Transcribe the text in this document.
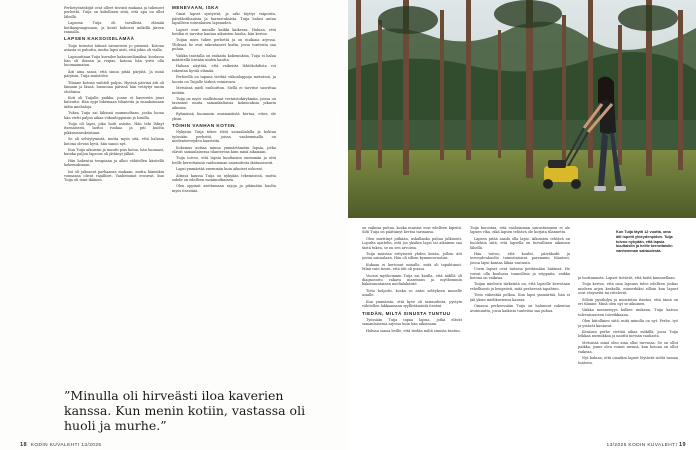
Perhetyöntekijät ovat olleet tiiviisti mukana ja tukeneet perhettä. Tuija on kiitollinen siitä, että apu on ollut lähellä.

Lapsena Tuija eli tavallista elämää kotikaupungissaan, ja kesät kuluivat mökillä järven rannalla.

LAPSEN KAKSOISELÄMÄÄ

Tuija tutustui äitinsä sairauteen jo pienenä. Kotona asiasta ei puhuttu, mutta lapsi aisti, että jokin oli vialla.

Lapsuuttaan Tuija kuvailee kaksoiselämäksi: koulussa hän oli iloinen ja reipas, kotona hän yritti olla huomaamaton.

Äiti aina sanoi, että sinun pitää pärjätä. Ja minä pärjäsin, Tuija muistelee.

Tilanne kotona vaihteli paljon. Hyvinä päivinä äiti oli lämmin ja läsnä, huonoina päivinä hän vetäytyi omiin oloihinsa.

Koti oli Tuijalle paikka, jonne ei kavereita juuri kutsuttu. Hän oppi lukemaan tilanteita ja ennakoimaan äidin mielialoja.

Tukea Tuija sai lähinnä mummoltaan, jonka luona hän vietti paljon aikaa viikonloppuisin ja lomilla.

Tuija oli lapsi, joka hoiti asioita. Hän teki läksyt itsenäisesti, laittoi ruokaa ja piti huolta pikkusisaruksistaan.

Se oli selviytymistä, mutta myös sitä, että halusin kotona olevan hyvä, hän sanoo nyt.

Kun Tuija aikuistui ja muutti pois kotoa, hän huomasi, kuinka paljon lapsuus oli jättänyt jälkiä.

Hän hakeutui terapiaan ja alkoi vähitellen käsitellä kokemuksiaan.

Isä oli jaksanut parhaansa mukaan, mutta hänenkin voimansa olivat rajalliset. Vanhemmat erosivat, kun Tuija oli teini-ikäinen.

MENEVÄAN, ISKÄ

Omat lapset syntyivät, ja arki täyttyi vaipoista, päiväkotihauista ja harrastuksista. Tuija halusi antaa lapsilleen toisenlaisen lapsuuden.

Lapset ovat minulle kaikki kaikessa. Haluan, että heidän ei tarvitse kantaa aikuisten huolia, hän kertoo.

Tuijan mies tukee perhettä ja on mukana arjessa. Yhdessä he ovat rakentaneet kodin, jossa tunteista saa puhua.

Vaikka taustalla on raskaita kokemuksia, Tuija ei halua määritellä itseään niiden kautta.

Haluan näyttää, että vaikeista lähtökohdista voi rakentaa hyvää elämää.

Perheellä on tapana viettää viikonloppuja metsässä, ja luonto on Tuijalle tärkeä voimavara.

Metsässä mieli rauhoittuu. Siellä ei tarvitse suorittaa mitään.

Tuija on myös osallistunut vertaistukiryhmiin, joissa on tavannut muita samankaltaisia kokemuksia jakavia aikuisia.

Ryhmässä huomasin ensimmäistä kertaa, etten ole yksin.

TÖIHIN VANHAN KOTIIN

Nykyisin Tuija tekee töitä sosiaalialalla ja kohtaa työssään perheitä, joissa vanhemmalla on mielenterveyden haasteita.

Kokemus auttaa minua ymmärtämään lapsia, jotka elävät samanlaisessa tilanteessa kuin minä aikanaan.

Tuija toivoo, että lapsia kuultaisiin enemmän ja että heille kerrottaisiin vanhemman sairaudesta ikätasoisesti.

Lapsi ymmärtää enemmän kuin aikuiset uskovat.

Äitinsä kanssa Tuija on nykyään tekemisissä, mutta suhde on edelleen monimutkainen.

Olen oppinut asettamaan rajoja ja pitämään huolta myös itsestäni.

”Minulla oli hirveästi iloa kaverien kanssa. Kun menin kotiin, vastassa oli huoli ja murhe.”
18 KODIN KUVALEHTI 13/2025
Kun Tuija täytti 12 vuotta, oma äiti lopetti yhteydenpidon. Tuija toivoo nykyään, että lapsia kuultaisiin ja heille kerrottaisiin vanhemman sairaudesta.

on vaikeaa puhua, koska muistot ovat edelleen kipeitä. Silti Tuija on päättänyt kertoa tarinansa.

Olen miettinyt pitkään, uskallanko puhua julkisesti. Lopulta ajattelin, että jos yksikin lapsi tai aikuinen saa tästä tukea, se on sen arvoista.

Tuija muistaa erityisesti yhden kesän, jolloin äiti joutui sairaalaan. Hän oli silloin kymmenvuotias.

Kukaan ei kertonut minulle, mitä oli tapahtunut. Minä vain tiesin, että äiti oli poissa.

Vuosia myöhemmin Tuija sai kuulla, että äidillä oli diagnosoitu vakava masennus ja myöhemmin kaksisuuntainen mielialahäiriö.

Tieto helpotti, koska se antoi selityksen monelle asialle.

Kun ymmärsin, että kyse oli sairaudesta, pystyin vähitellen lakkaamaan syyllistämästä itseäni.

TIEDÄN, MILTÄ SINUSTA TUNTUU

Työssään Tuija tapaa lapsia, jotka elävät samanlaisessa arjessa kuin hän aikoinaan.

Haluan sanoa heille, että tiedän miltä sinusta tuntuu.

Tuija korostaa, että vanhemman sairastuminen ei ole lapsen vika, eikä lapsen tehtävä ole korjata tilannetta.

Lapsen pitää saada olla lapsi. Aikuisten tehtävä on huolehtia siitä, että lapsella on turvallinen aikuinen lähellä.

Hän toivoo, että koulut, päiväkodit ja terveydenhuolto tunnistaisivat paremmin tilanteet, joissa lapsi kantaa liikaa vastuuta.

Usein lapset ovat taitavia peittämään hätänsä. He voivat olla koulussa tunnollisia ja reippaita, vaikka kotona on vaikeaa.

Tuijan mielestä tärkeintä on, että lapselle kerrotaan rehellisesti ja lempeästi, mitä perheessä tapahtuu.

Tieto vähentää pelkoa. Kun lapsi ymmärtää, hän ei jää yksin mielikuviensa kanssa.

Omassa perheessään Tuija on halunnut rakentaa avoimuutta, jossa kaikista tunteista saa puhua.

ja luottamusta. Lapset tietävät, että heitä kuunnellaan.

Tuija kertoo, että oma lapsuus tulee edelleen joskus mieleen arjen keskellä, esimerkiksi silloin kun lapset ovat väsyneitä tai riitelevät.

Silloin pysähdyn ja muistutan itseäni, että tämä on eri tilanne. Minä olen nyt se aikuinen.

Vaikka menneisyys kulkee mukana, Tuija katsoo tulevaisuuteen toiveikkaana.

Olen kiitollinen siitä, mitä minulla on nyt. Perhe, työ ja ystävät kantavat.

Kesäisin perhe viettää aikaa mökillä, jossa Tuija leikkaa nurmikkoa ja nauttii metsän rauhasta.

Metsässä minä olen aina ollut turvassa. Se on ollut paikka, jonne olen voinut mennä, kun kotona on ollut vaikeaa.

Nyt haluan, että omatkin lapset löytävät sieltä saman tunteen.

13/2025 KODIN KUVALEHTI 19
